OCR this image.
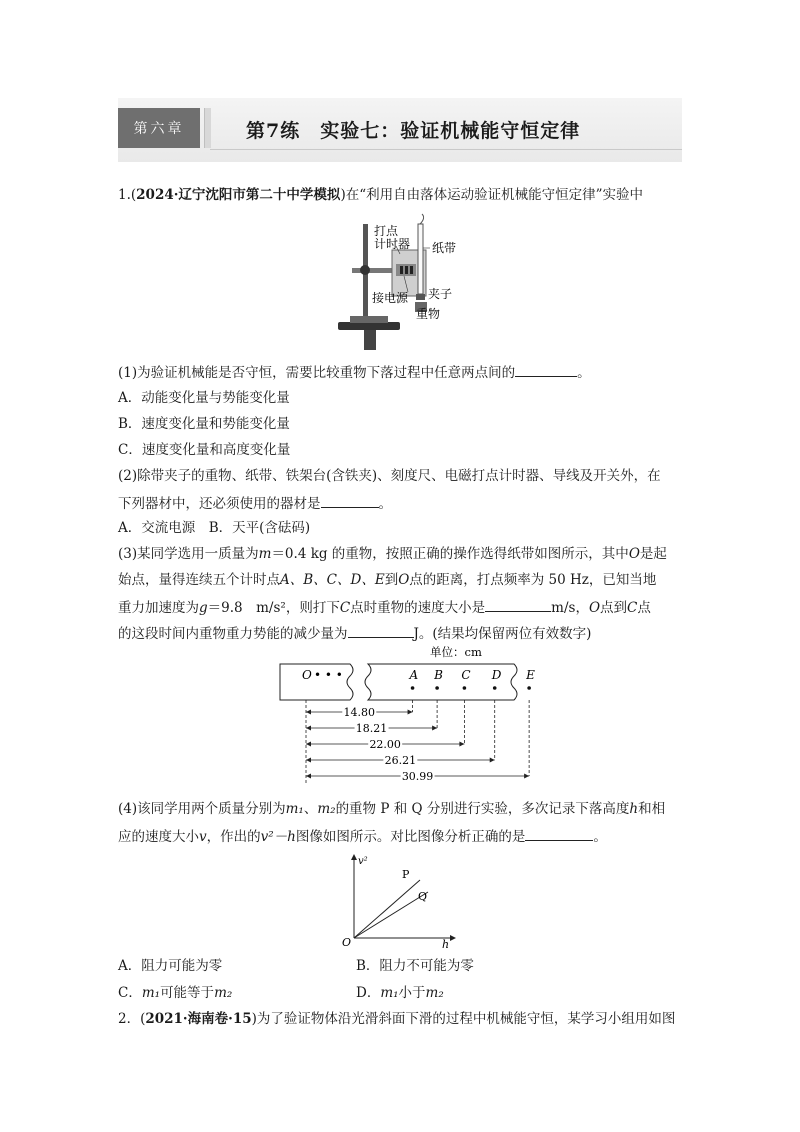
第六章	第7练　实验七：验证机械能守恒定律
1.(2024·辽宁沈阳市第二十中学模拟)在“利用自由落体运动验证机械能守恒定律”实验中
打点
计时器 纸带
接电源 夹子
重物
(1)为验证机械能是否守恒，需要比较重物下落过程中任意两点间的	。
A．动能变化量与势能变化量
B．速度变化量和势能变化量
C．速度变化量和高度变化量
(2)除带夹子的重物、纸带、铁架台(含铁夹)、刻度尺、电磁打点计时器、导线及开关外，在
下列器材中，还必须使用的器材是	。
A．交流电源　B．天平(含砝码)
(3)某同学选用一质量为m＝0.4 kg 的重物，按照正确的操作选得纸带如图所示，其中O是起
始点，量得连续五个计时点A、B、C、D、E到O点的距离，打点频率为 50 Hz，已知当地
重力加速度为g＝9.8　m/s²，则打下C点时重物的速度大小是	m/s，O点到C点
的这段时间内重物重力势能的减少量为	J。(结果均保留两位有效数字)
单位：cm
O • • •	A B C D E
14.80
18.21
22.00
26.21
30.99
(4)该同学用两个质量分别为m₁、m₂的重物 P 和 Q 分别进行实验，多次记录下落高度h和相
应的速度大小v，作出的v²－h图像如图所示。对比图像分析正确的是	。
v²
h
O
P
Q
A．阻力可能为零	B．阻力不可能为零
C．m₁可能等于m₂	D．m₁小于m₂
2．(2021·海南卷·15)为了验证物体沿光滑斜面下滑的过程中机械能守恒，某学习小组用如图
